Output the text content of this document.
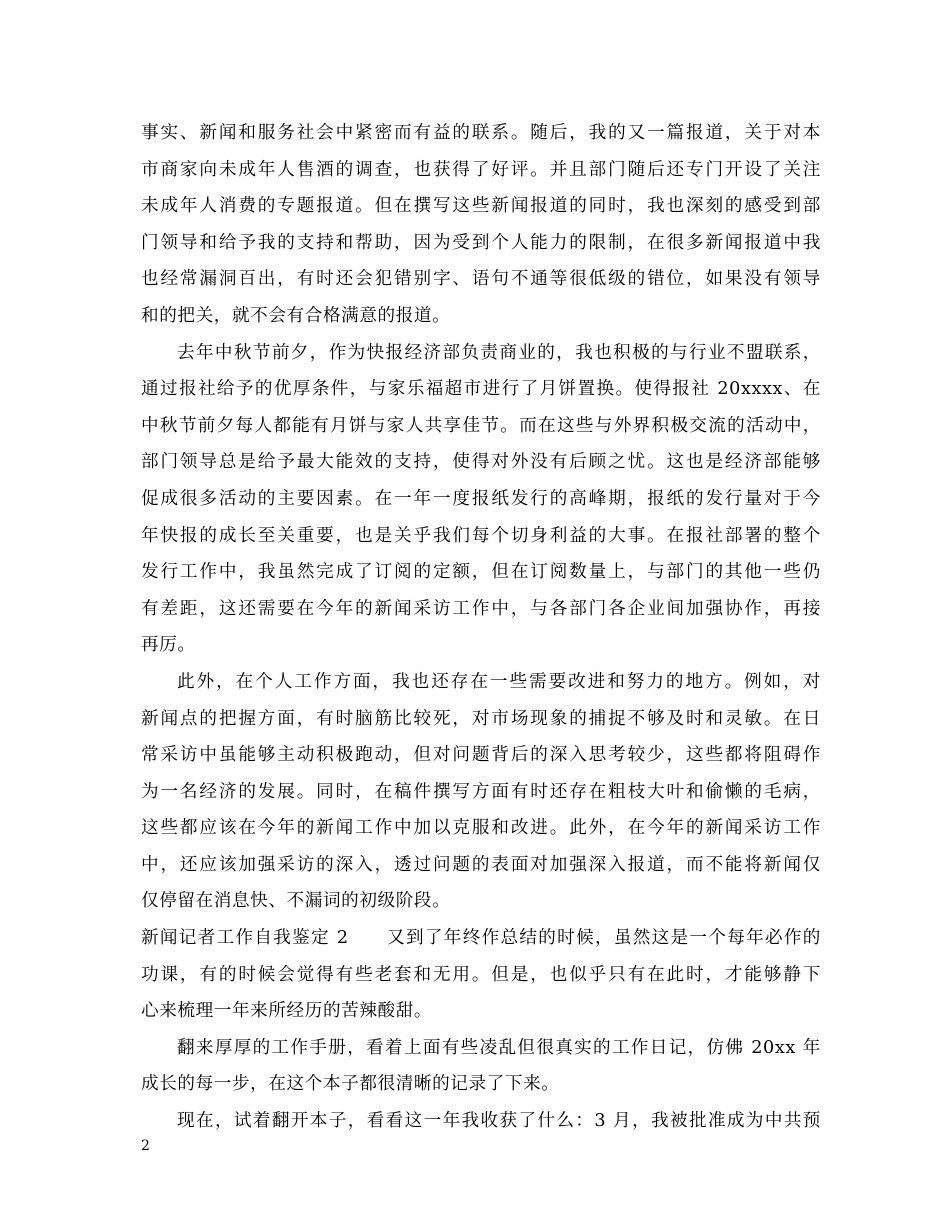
事实、新闻和服务社会中紧密而有益的联系。随后，我的又一篇报道，关于对本
市商家向未成年人售酒的调查，也获得了好评。并且部门随后还专门开设了关注
未成年人消费的专题报道。但在撰写这些新闻报道的同时，我也深刻的感受到部
门领导和给予我的支持和帮助，因为受到个人能力的限制，在很多新闻报道中我
也经常漏洞百出，有时还会犯错别字、语句不通等很低级的错位，如果没有领导
和的把关，就不会有合格满意的报道。
去年中秋节前夕，作为快报经济部负责商业的，我也积极的与行业不盟联系，
通过报社给予的优厚条件，与家乐福超市进行了月饼置换。使得报社 20xxxx、在
中秋节前夕每人都能有月饼与家人共享佳节。而在这些与外界积极交流的活动中，
部门领导总是给予最大能效的支持，使得对外没有后顾之忧。这也是经济部能够
促成很多活动的主要因素。在一年一度报纸发行的高峰期，报纸的发行量对于今
年快报的成长至关重要，也是关乎我们每个切身利益的大事。在报社部署的整个
发行工作中，我虽然完成了订阅的定额，但在订阅数量上，与部门的其他一些仍
有差距，这还需要在今年的新闻采访工作中，与各部门各企业间加强协作，再接
再厉。
此外，在个人工作方面，我也还存在一些需要改进和努力的地方。例如，对
新闻点的把握方面，有时脑筋比较死，对市场现象的捕捉不够及时和灵敏。在日
常采访中虽能够主动积极跑动，但对问题背后的深入思考较少，这些都将阻碍作
为一名经济的发展。同时，在稿件撰写方面有时还存在粗枝大叶和偷懒的毛病，
这些都应该在今年的新闻工作中加以克服和改进。此外，在今年的新闻采访工作
中，还应该加强采访的深入，透过问题的表面对加强深入报道，而不能将新闻仅
仅停留在消息快、不漏词的初级阶段。
新闻记者工作自我鉴定 2　　又到了年终作总结的时候，虽然这是一个每年必作的
功课，有的时候会觉得有些老套和无用。但是，也似乎只有在此时，才能够静下
心来梳理一年来所经历的苦辣酸甜。
翻来厚厚的工作手册，看着上面有些凌乱但很真实的工作日记，仿佛 20xx 年
成长的每一步，在这个本子都很清晰的记录了下来。
现在，试着翻开本子，看看这一年我收获了什么：3 月，我被批准成为中共预
2
